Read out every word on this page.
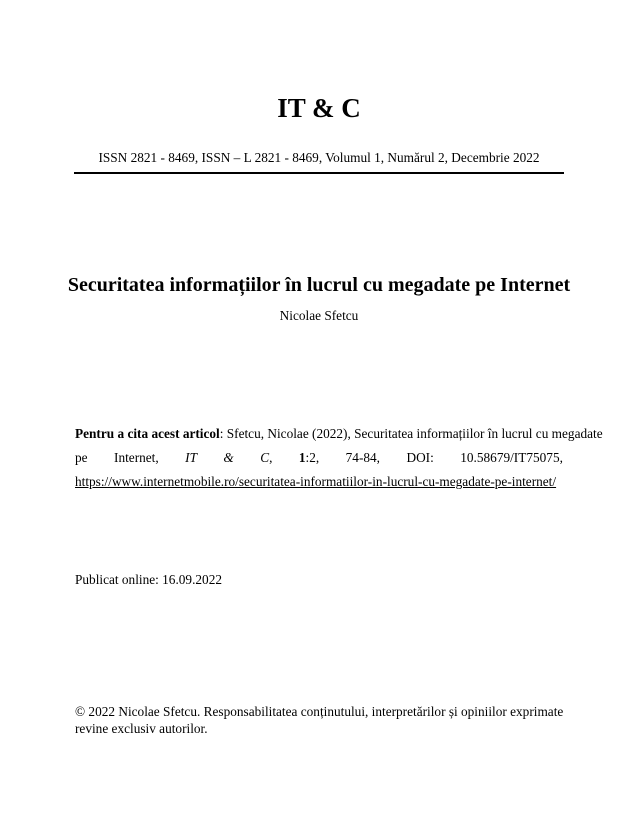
IT & C
ISSN 2821 - 8469, ISSN – L 2821 - 8469, Volumul 1, Numărul 2, Decembrie 2022
Securitatea informațiilor în lucrul cu megadate pe Internet
Nicolae Sfetcu
Pentru a cita acest articol: Sfetcu, Nicolae (2022), Securitatea informațiilor în lucrul cu megadate
pe Internet, IT & C, 1:2, 74-84, DOI: 10.58679/IT75075,
https://www.internetmobile.ro/securitatea-informatiilor-in-lucrul-cu-megadate-pe-internet/
Publicat online: 16.09.2022
© 2022 Nicolae Sfetcu. Responsabilitatea conținutului, interpretărilor și opiniilor exprimate revine exclusiv autorilor.
